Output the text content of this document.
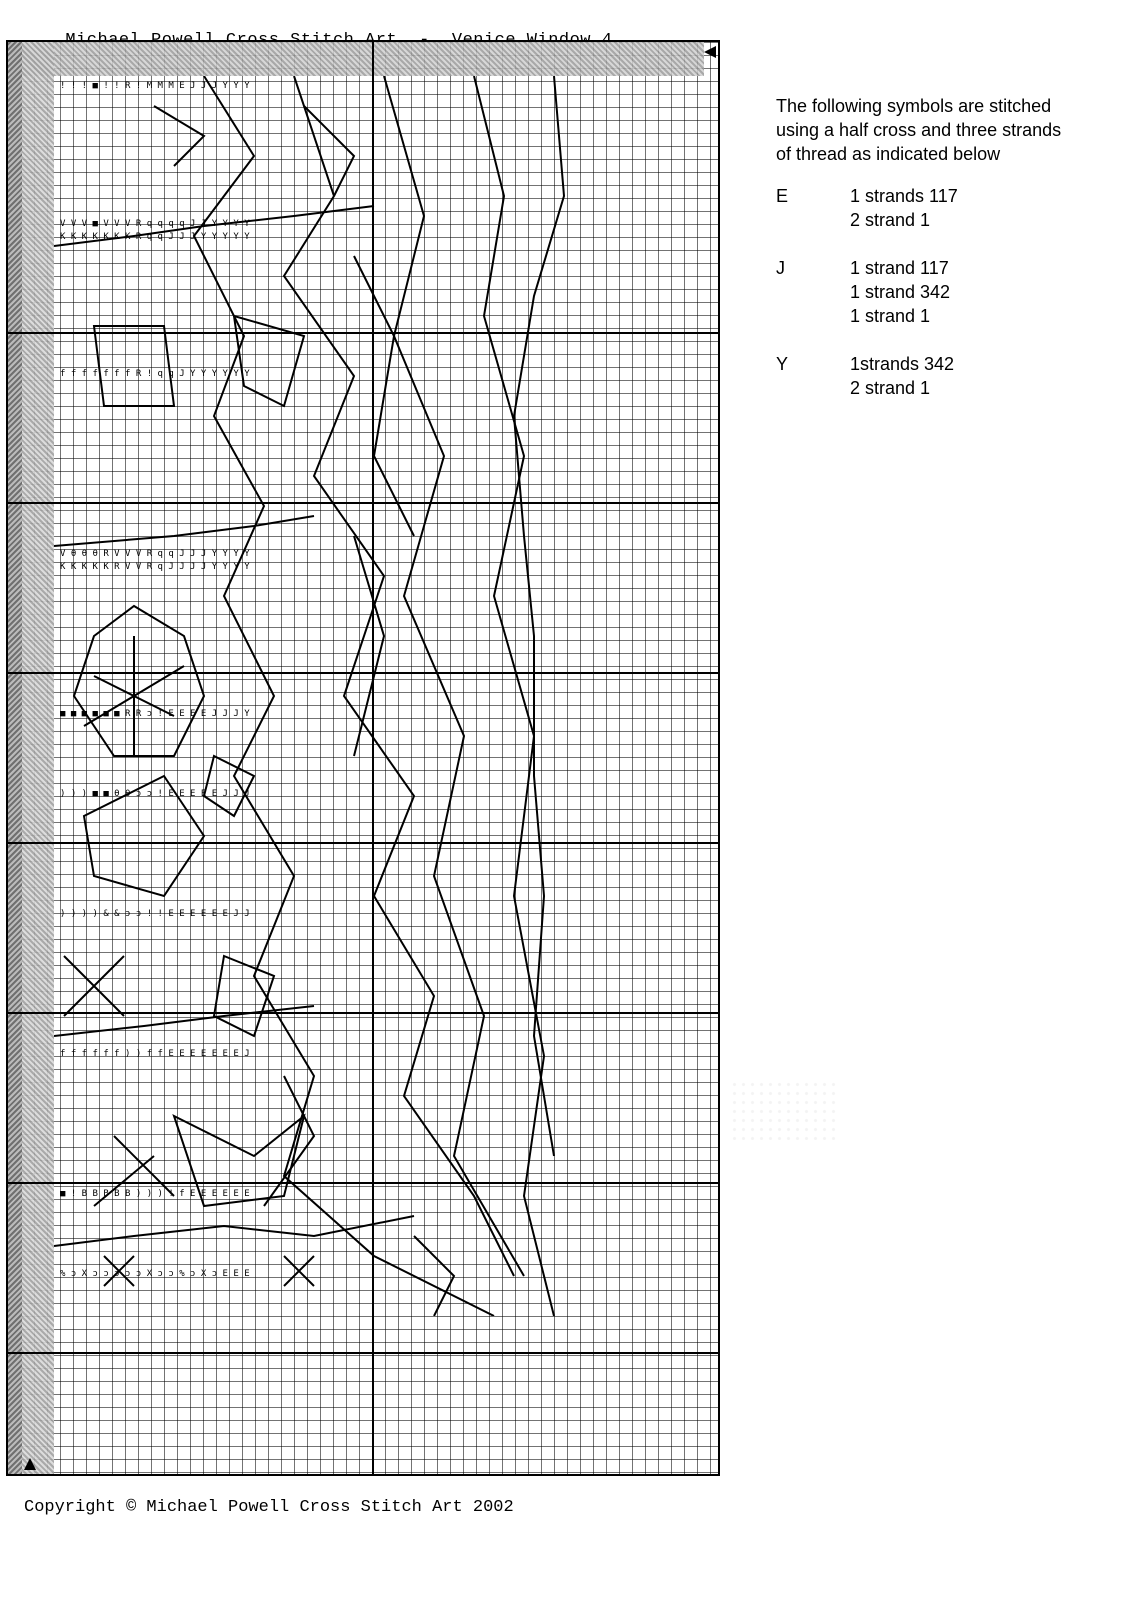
! ! ! ■ ! ! R ! M M M E J J J Y Y Y
V V V ■ V V V R q q q q J J Y Y Y Y
K K K K K K K R q q J J J Y Y Y Y Y
f f f f f f f R ! q q J Y Y Y Y Y Y
V θ θ θ R V V V R q q J J J Y Y Y Y
K K K K K R V V R q J J J J Y Y Y Y
■ ■ ■ ■ ■ ■ R R ɔ ! E E E E J J J Y
) ) ) ■ ■ θ θ ɔ ɔ ! E E E E E J J J
) ) ) ) & & ɔ ɔ ! ! E E E E E E J J
f f f f f f ) ) f f E E E E E E E J
■ ! B B B B B ) ) ) ! f E E E E E E
% ɔ X ɔ ɔ ɔ ɔ ɔ X ɔ ɔ % ɔ X ɔ E E E

The following symbols are stitched using a half cross and three strands of thread as indicated below

E	1 strands 117
2 strand 1
J	1 strand 117
1 strand 342
1 strand 1
Y	1strands 342
2 strand 1
Copyright © Michael Powell Cross Stitch Art 2002
